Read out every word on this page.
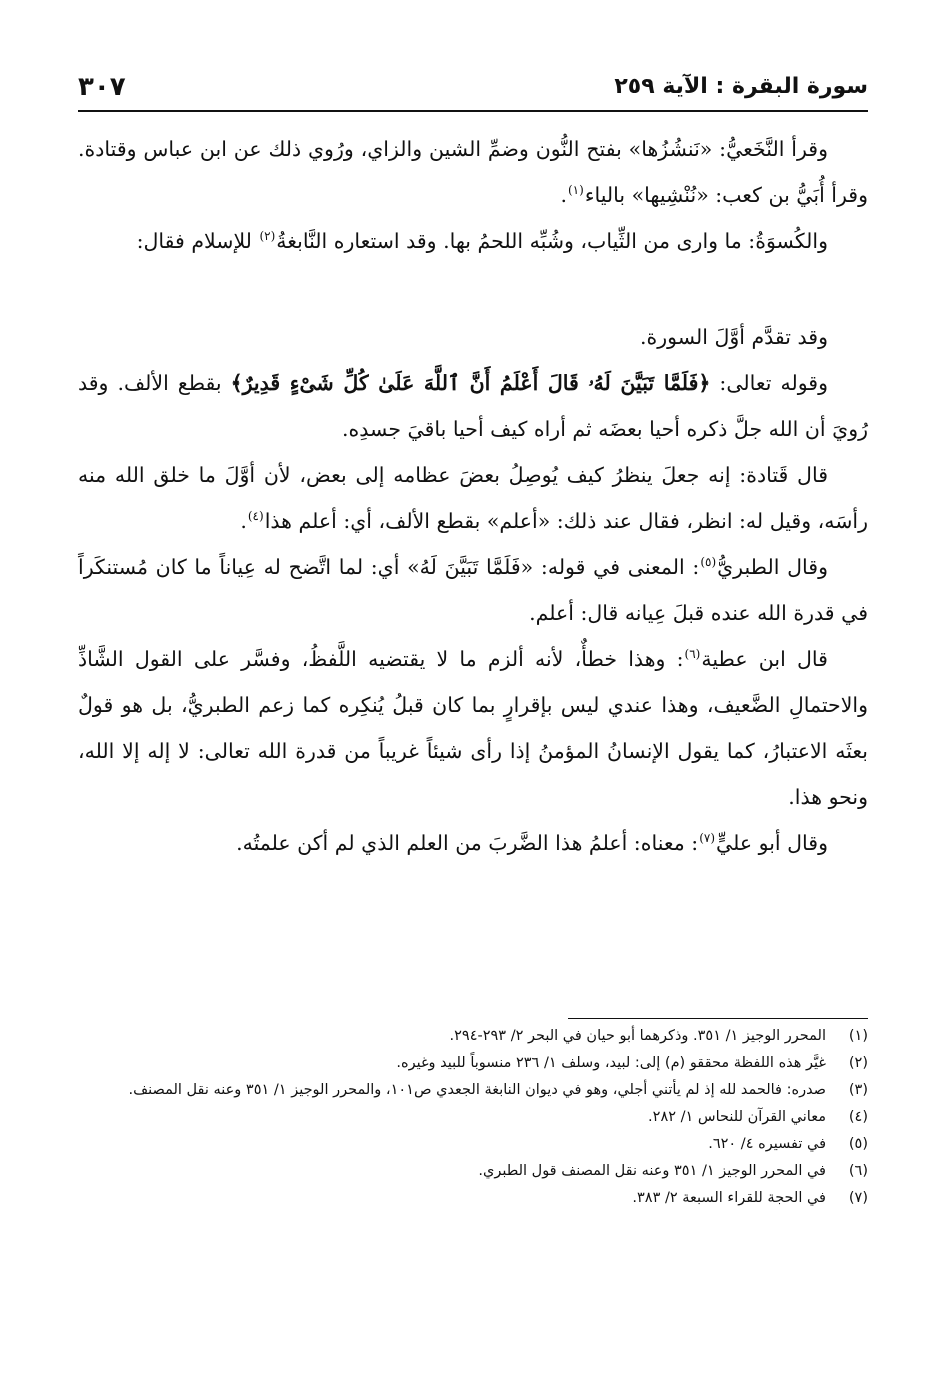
سورة البقرة : الآية ٢٥٩
٣٠٧

وقرأ النَّخَعيُّ: «نَنشُزُها» بفتح النُّون وضمِّ الشين والزاي، ورُوي ذلك عن ابن عباس وقتادة. وقرأ أُبَيُّ بن كعب: «نُنْشِيها» بالياء$^{(١)}$.

والكُسوَةُ: ما وارى من الثِّياب، وشُبِّه اللحمُ بها. وقد استعاره النَّابغةُ$^{(٢)}$ للإسلام فقال:

وقد تقدَّم أوَّلَ السورة.

وقوله تعالى: ﴿فَلَمَّا تَبَيَّنَ لَهُۥ قَالَ أَعْلَمُ أَنَّ ٱللَّهَ عَلَىٰ كُلِّ شَىْءٍ قَدِيرٌ﴾ بقطع الألف. وقد رُويَ أن الله جلَّ ذكره أحيا بعضَه ثم أراه كيف أحيا باقيَ جسدِه.

قال قَتادة: إنه جعلَ ينظرُ كيف يُوصِلُ بعضَ عظامه إلى بعض، لأن أوَّلَ ما خلق الله منه رأسَه، وقيل له: انظر، فقال عند ذلك: «أعلم» بقطع الألف، أي: أعلم هذا$^{(٤)}$.

وقال الطبريُّ$^{(٥)}$: المعنى في قوله: «فَلَمَّا تَبَيَّنَ لَهُ» أي: لما اتَّضح له عِياناً ما كان مُستنكَراً في قدرة الله عنده قبلَ عِيانه قال: أعلم.

قال ابن عطية$^{(٦)}$: وهذا خطأٌ، لأنه ألزم ما لا يقتضيه اللَّفظُ، وفسَّر على القول الشَّاذِّ والاحتمالِ الضَّعيف، وهذا عندي ليس بإقرارٍ بما كان قبلُ يُنكِره كما زعم الطبريُّ، بل هو قولٌ بعثَه الاعتبارُ، كما يقول الإنسانُ المؤمنُ إذا رأى شيئاً غريباً من قدرة الله تعالى: لا إله إلا الله، ونحو هذا.

وقال أبو عليٍّ$^{(٧)}$: معناه: أعلمُ هذا الضَّربَ من العلم الذي لم أكن علمتُه.

(١)
المحرر الوجيز ١/ ٣٥١. وذكرهما أبو حيان في البحر ٢/ ٢٩٣-٢٩٤.
(٢)
غيَّر هذه اللفظة محققو (م) إلى: لبيد، وسلف ١/ ٢٣٦ منسوباً للبيد وغيره.
(٣)
صدره: فالحمد لله إذ لم يأتني أجلي، وهو في ديوان النابغة الجعدي ص١٠١، والمحرر الوجيز ١/ ٣٥١ وعنه نقل المصنف.
(٤)
معاني القرآن للنحاس ١/ ٢٨٢.
(٥)
في تفسيره ٤/ ٦٢٠.
(٦)
في المحرر الوجيز ١/ ٣٥١ وعنه نقل المصنف قول الطبري.
(٧)
في الحجة للقراء السبعة ٢/ ٣٨٣.
